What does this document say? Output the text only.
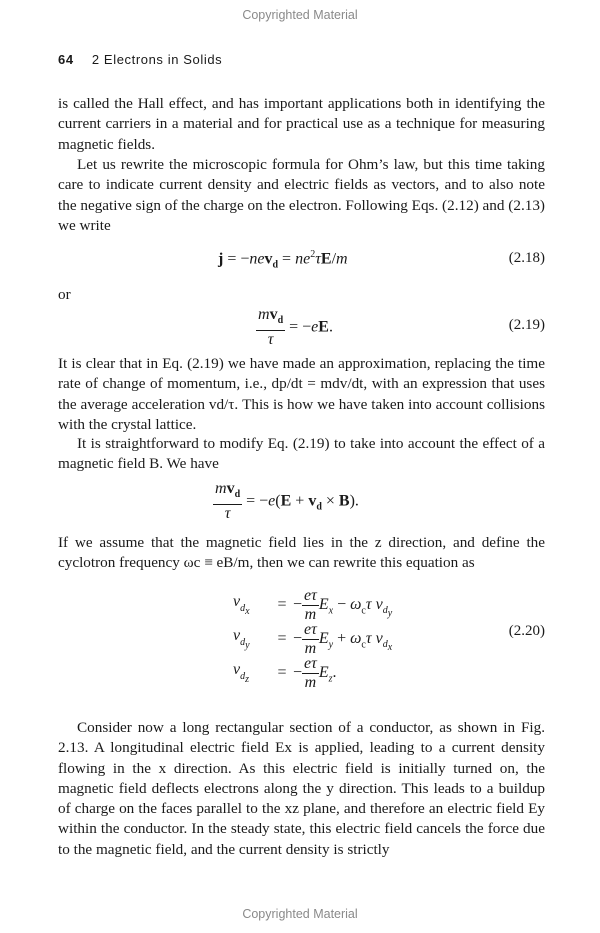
Copyrighted Material
64 2 Electrons in Solids

is called the Hall effect, and has important applications both in identifying the current carriers in a material and for practical use as a technique for measuring magnetic fields.

Let us rewrite the microscopic formula for Ohm’s law, but this time taking care to indicate current density and electric fields as vectors, and to also note the negative sign of the charge on the electron. Following Eqs. (2.12) and (2.13) we write

$j = -nev_d = ne^2\tau E/m$	(2.18)
or
$\frac{mv_d}{\tau} = -eE$.	(2.19)

It is clear that in Eq. (2.19) we have made an approximation, replacing the time rate of change of momentum, i.e., dp/dt = mdv/dt, with an expression that uses the average acceleration vd/τ. This is how we have taken into account collisions with the crystal lattice.

It is straightforward to modify Eq. (2.19) to take into account the effect of a magnetic field B. We have

$\frac{mv_d}{\tau} = -e(E + v_d \times B)$.

If we assume that the magnetic field lies in the z direction, and define the cyclotron frequency ωc ≡ eB/m, then we can rewrite this equation as

$v_{d_x}$	= − $\frac{e\tau}{m} E_x - \omega_c\tau$ $v_{d_y}$
$v_{d_y}$	= − $\frac{e\tau}{m} E_y + \omega_c\tau$ $v_{d_x}$
$v_{d_z}$	= − $\frac{e\tau}{m} E_z$.
(2.20)

Consider now a long rectangular section of a conductor, as shown in Fig. 2.13. A longitudinal electric field Ex is applied, leading to a current density flowing in the x direction. As this electric field is initially turned on, the magnetic field deflects electrons along the y direction. This leads to a buildup of charge on the faces parallel to the xz plane, and therefore an electric field Ey within the conductor. In the steady state, this electric field cancels the force due to the magnetic field, and the current density is strictly

Copyrighted Material
